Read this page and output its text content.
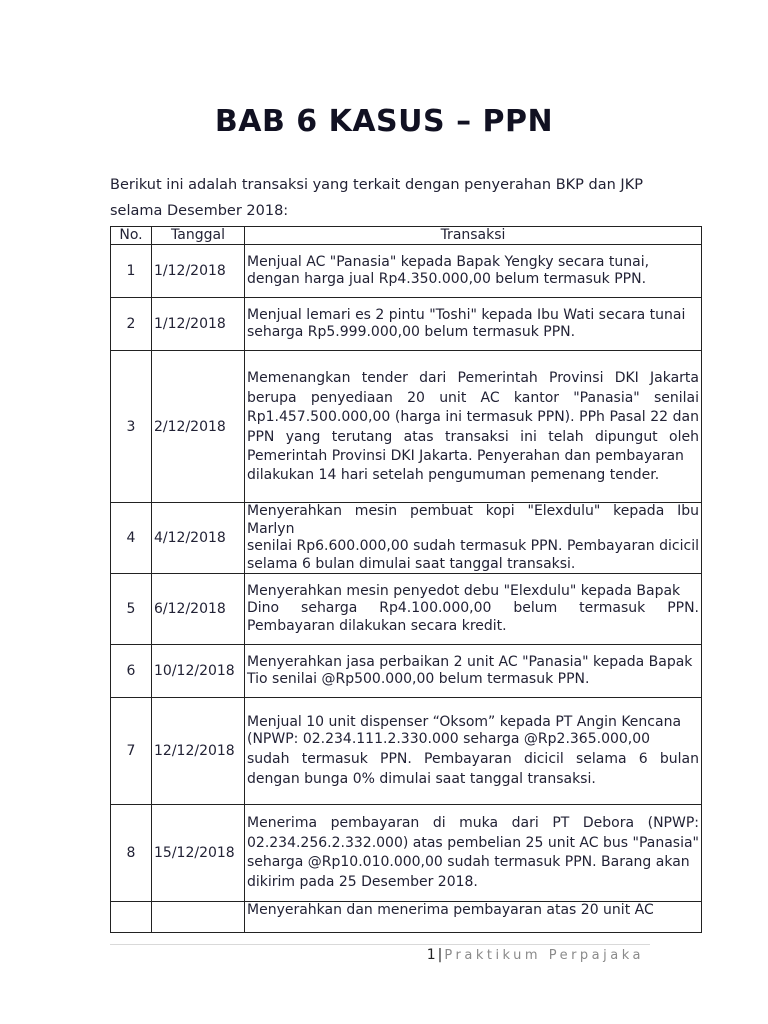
BAB 6 KASUS – PPN
Berikut ini adalah transaksi yang terkait dengan penyerahan BKP dan JKP selama Desember 2018:
No.	Tanggal	Transaksi
1	1/12/2018	Menjual AC "Panasia" kepada Bapak Yengky secara tunai,
dengan harga jual Rp4.350.000,00 belum termasuk PPN.

2	1/12/2018	Menjual lemari es 2 pintu "Toshi" kepada Ibu Wati secara tunai
seharga Rp5.999.000,00 belum termasuk PPN.

3	2/12/2018	Memenangkan tender dari Pemerintah Provinsi DKI Jakarta berupa penyediaan 20 unit AC kantor "Panasia" senilai Rp1.457.500.000,00 (harga ini termasuk PPN). PPh Pasal 22 dan PPN yang terutang atas transaksi ini telah dipungut oleh Pemerintah Provinsi DKI Jakarta. Penyerahan dan pembayaran
dilakukan 14 hari setelah pengumuman pemenang tender.

4	4/12/2018	Menyerahkan mesin pembuat kopi "Elexdulu" kepada Ibu Marlyn
senilai Rp6.600.000,00 sudah termasuk PPN. Pembayaran dicicil selama 6 bulan dimulai saat tanggal transaksi.

5	6/12/2018	Menyerahkan mesin penyedot debu "Elexdulu" kepada Bapak
Dino seharga Rp4.100.000,00 belum termasuk PPN. Pembayaran dilakukan secara kredit.

6	10/12/2018	Menyerahkan jasa perbaikan 2 unit AC "Panasia" kepada Bapak
Tio senilai @Rp500.000,00 belum termasuk PPN.

7	12/12/2018	Menjual 10 unit dispenser “Oksom” kepada PT Angin Kencana
(NPWP: 02.234.111.2.330.000 seharga @Rp2.365.000,00
sudah termasuk PPN. Pembayaran dicicil selama 6 bulan dengan bunga 0% dimulai saat tanggal transaksi.

8	15/12/2018	Menerima pembayaran di muka dari PT Debora (NPWP: 02.234.256.2.332.000) atas pembelian 25 unit AC bus "Panasia" seharga @Rp10.010.000,00 sudah termasuk PPN. Barang akan
dikirim pada 25 Desember 2018.

		Menyerahkan dan menerima pembayaran atas 20 unit AC
1 | Praktikum Perpajaka
